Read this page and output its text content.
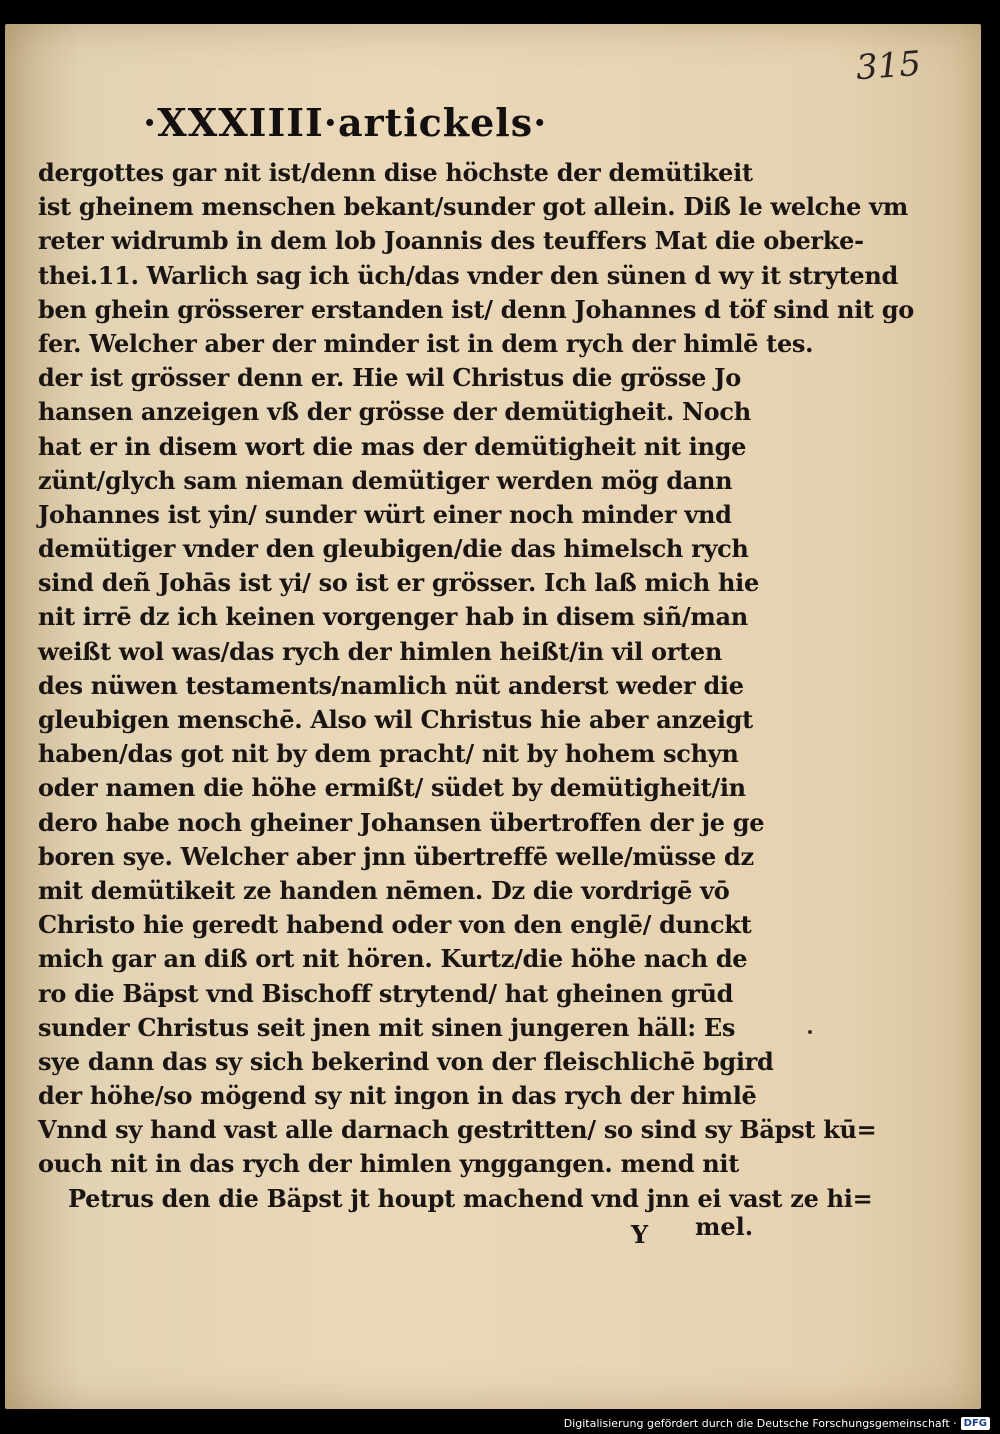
315
·XXXIIII·artickels·
dergottes gar nit ist/denn dise höchste der demütikeit
ist gheinem menschen bekant/sunder got allein. Diß le welche vm
reter widrumb in dem lob Joannis des teuffers Mat die oberke-
thei.11. Warlich sag ich üch/das vnder den sünen d wy it strytend
ben ghein grösserer erstanden ist/ denn Johannes d töf sind nit go
fer. Welcher aber der minder ist in dem rych der himlē tes.
der ist grösser denn er. Hie wil Christus die grösse Jo
hansen anzeigen vß der grösse der demütigheit. Noch
hat er in disem wort die mas der demütigheit nit inge
zünt/glych sam nieman demütiger werden mög dann
Johannes ist yin/ sunder würt einer noch minder vnd
demütiger vnder den gleubigen/die das himelsch rych
sind deñ Johās ist yi/ so ist er grösser. Ich laß mich hie
nit irrē dz ich keinen vorgenger hab in disem siñ/man
weißt wol was/das rych der himlen heißt/in vil orten
des nüwen testaments/namlich nüt anderst weder die
gleubigen menschē. Also wil Christus hie aber anzeigt
haben/das got nit by dem pracht/ nit by hohem schyn
oder namen die höhe ermißt/ südet by demütigheit/in
dero habe noch gheiner Johansen übertroffen der je ge
boren sye. Welcher aber jnn übertreffē welle/müsse dz
mit demütikeit ze handen nēmen. Dz die vordrigē vō
Christo hie geredt habend oder von den englē/ dunckt
mich gar an diß ort nit hören. Kurtz/die höhe nach de
ro die Bäpst vnd Bischoff strytend/ hat gheinen grūd
sunder Christus seit jnen mit sinen jungeren häll: Es
sye dann das sy sich bekerind von der fleischlichē bgird
der höhe/so mögend sy nit ingon in das rych der himlē
Vnnd sy hand vast alle darnach gestritten/ so sind sy Bäpst kū=
ouch nit in das rych der himlen ynggangen. mend nit
Petrus den die Bäpst jt houpt machend vnd jnn ei vast ze hi=
mel.
Y
Digitalisierung gefördert durch die Deutsche Forschungsgemeinschaft · DFG
